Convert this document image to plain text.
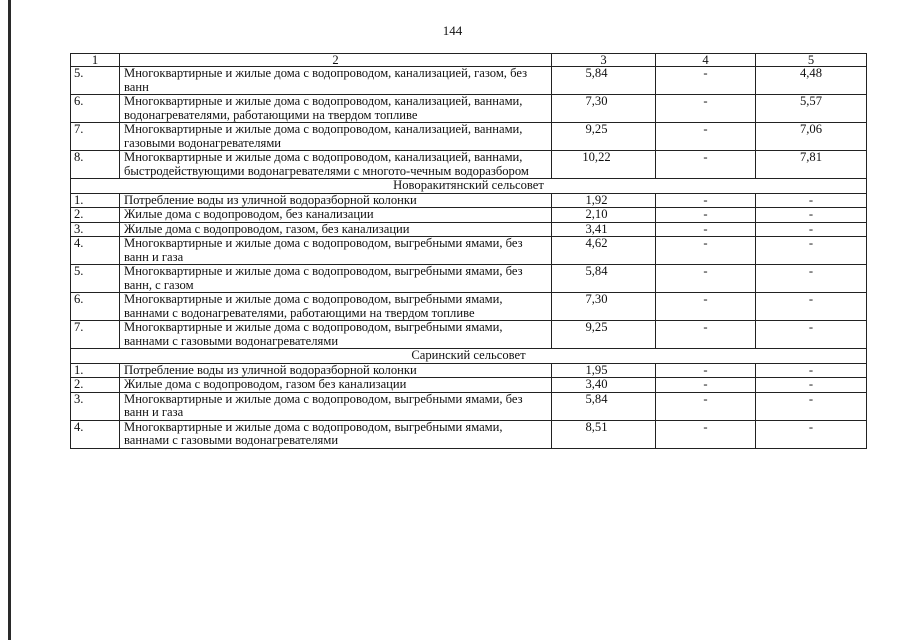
144
1	2	3	4	5
5.	Многоквартирные и жилые дома с водопроводом, канализацией, газом, без ванн	5,84	-	4,48
6.	Многоквартирные и жилые дома с водопроводом, канализацией, ваннами, водонагревателями, работающими на твердом топливе	7,30	-	5,57
7.	Многоквартирные и жилые дома с водопроводом, канализацией, ваннами, газовыми водонагревателями	9,25	-	7,06
8.	Многоквартирные и жилые дома с водопроводом, канализацией, ваннами, быстродействующими водонагревателями с многото-чечным водоразбором	10,22	-	7,81
Новоракитянский сельсовет				
1.	Потребление воды из уличной водоразборной колонки	1,92	-	-
2.	Жилые дома с водопроводом, без канализации	2,10	-	-
3.	Жилые дома с водопроводом, газом, без канализации	3,41	-	-
4.	Многоквартирные и жилые дома с водопроводом, выгребными ямами, без ванн и газа	4,62	-	-
5.	Многоквартирные и жилые дома с водопроводом, выгребными ямами, без ванн, с газом	5,84	-	-
6.	Многоквартирные и жилые дома с водопроводом, выгребными ямами, ваннами с водонагревателями, работающими на твердом топливе	7,30	-	-
7.	Многоквартирные и жилые дома с водопроводом, выгребными ямами, ваннами с газовыми водонагревателями	9,25	-	-
Саринский сельсовет				
1.	Потребление воды из уличной водоразборной колонки	1,95	-	-
2.	Жилые дома с водопроводом, газом без канализации	3,40	-	-
3.	Многоквартирные и жилые дома с водопроводом, выгребными ямами, без ванн и газа	5,84	-	-
4.	Многоквартирные и жилые дома с водопроводом, выгребными ямами, ваннами с газовыми водонагревателями	8,51	-	-
